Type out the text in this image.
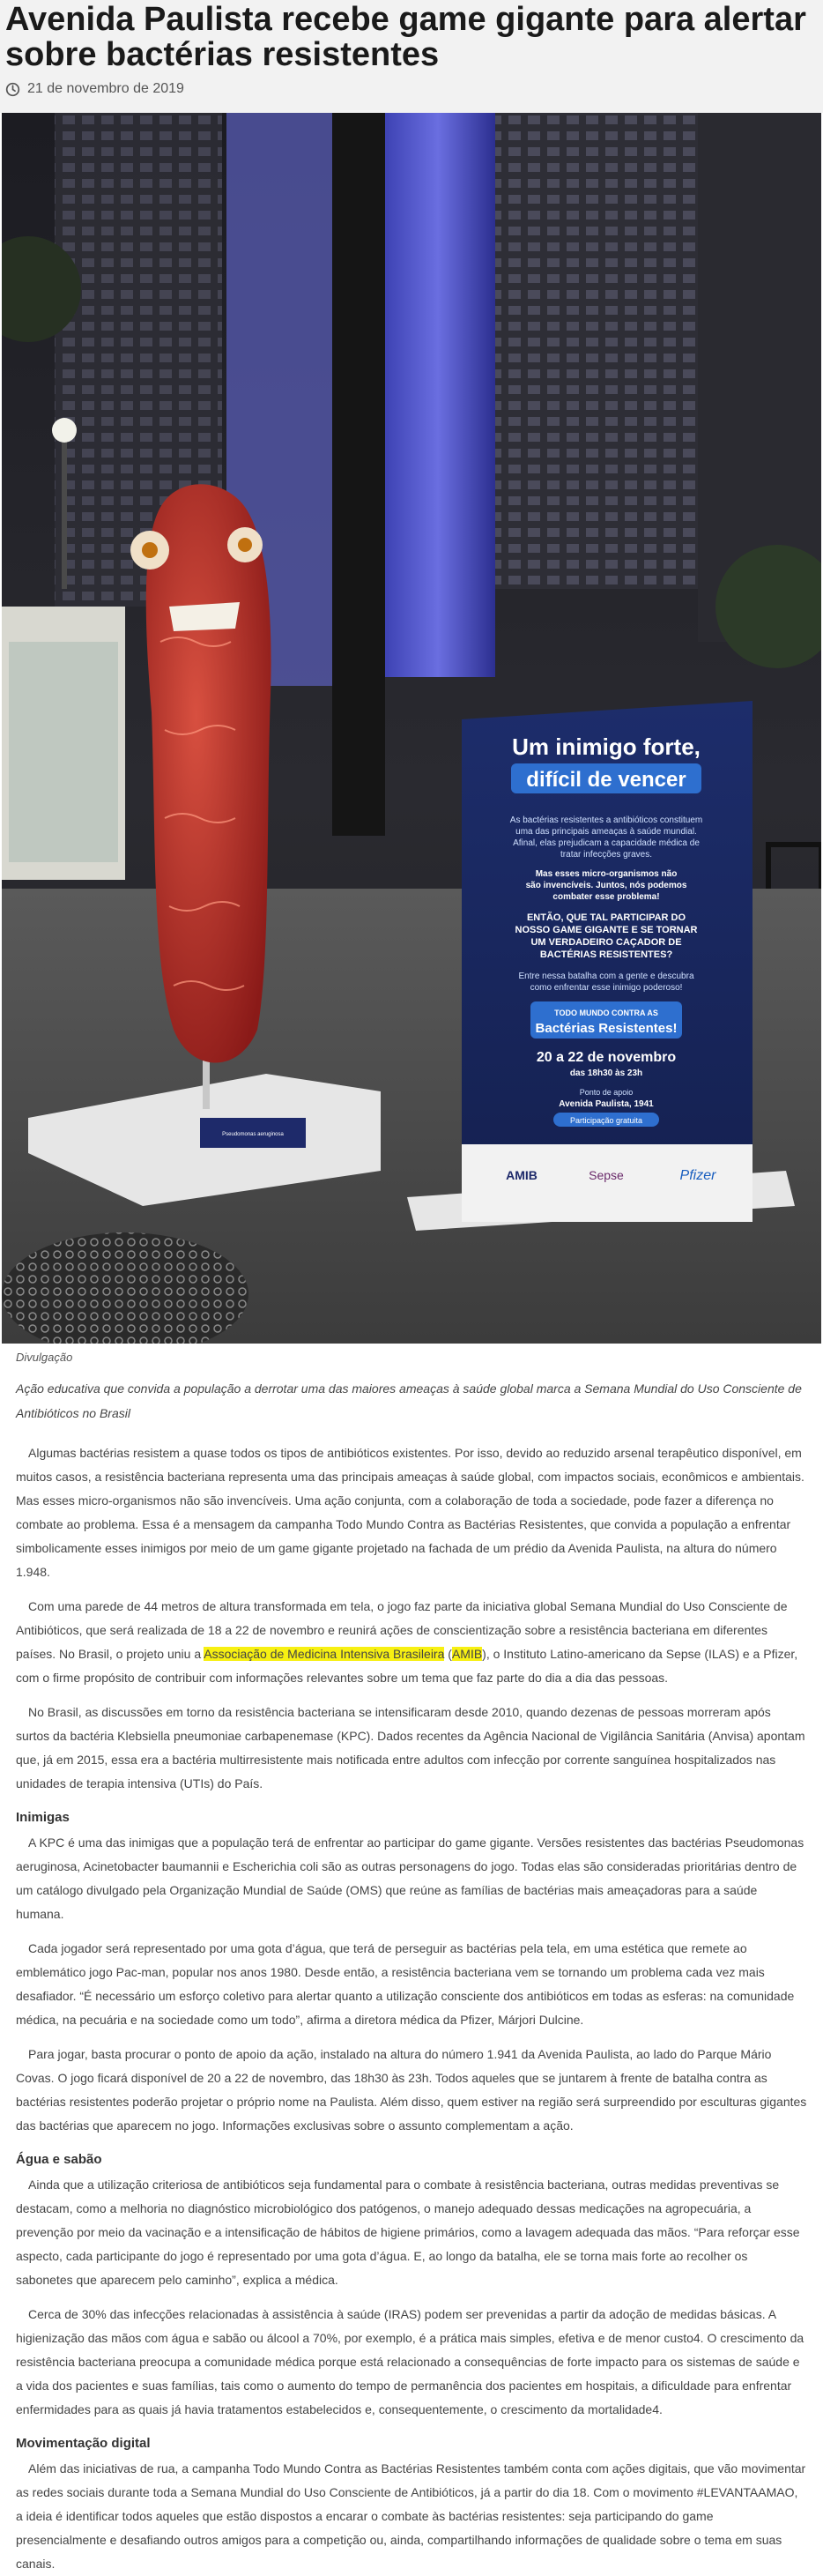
Avenida Paulista recebe game gigante para alertar sobre bactérias resistentes
21 de novembro de 2019
Um inimigo forte,
difícil de vencer
As bactérias resistentes a antibióticos constituem
uma das principais ameaças à saúde mundial.
Afinal, elas prejudicam a capacidade médica de
tratar infecções graves.
Mas esses micro-organismos não
são invencíveis. Juntos, nós podemos
combater esse problema!
ENTÃO, QUE TAL PARTICIPAR DO
NOSSO GAME GIGANTE E SE TORNAR
UM VERDADEIRO CAÇADOR DE
BACTÉRIAS RESISTENTES?
Entre nessa batalha com a gente e descubra
como enfrentar esse inimigo poderoso!
TODO MUNDO CONTRA AS
Bactérias Resistentes!
20 a 22 de novembro
das 18h30 às 23h
Ponto de apoio
Avenida Paulista, 1941
Participação gratuita
AMIB	Sepse	Pfizer
Pseudomonas aeruginosa
Divulgação
Ação educativa que convida a população a derrotar uma das maiores ameaças à saúde global marca a Semana Mundial do Uso Consciente de Antibióticos no Brasil

Algumas bactérias resistem a quase todos os tipos de antibióticos existentes. Por isso, devido ao reduzido arsenal terapêutico disponível, em muitos casos, a resistência bacteriana representa uma das principais ameaças à saúde global, com impactos sociais, econômicos e ambientais. Mas esses micro-organismos não são invencíveis. Uma ação conjunta, com a colaboração de toda a sociedade, pode fazer a diferença no combate ao problema. Essa é a mensagem da campanha Todo Mundo Contra as Bactérias Resistentes, que convida a população a enfrentar simbolicamente esses inimigos por meio de um game gigante projetado na fachada de um prédio da Avenida Paulista, na altura do número 1.948.

Com uma parede de 44 metros de altura transformada em tela, o jogo faz parte da iniciativa global Semana Mundial do Uso Consciente de Antibióticos, que será realizada de 18 a 22 de novembro e reunirá ações de conscientização sobre a resistência bacteriana em diferentes países. No Brasil, o projeto uniu a Associação de Medicina Intensiva Brasileira (AMIB), o Instituto Latino-americano da Sepse (ILAS) e a Pfizer, com o firme propósito de contribuir com informações relevantes sobre um tema que faz parte do dia a dia das pessoas.

No Brasil, as discussões em torno da resistência bacteriana se intensificaram desde 2010, quando dezenas de pessoas morreram após surtos da bactéria Klebsiella pneumoniae carbapenemase (KPC). Dados recentes da Agência Nacional de Vigilância Sanitária (Anvisa) apontam que, já em 2015, essa era a bactéria multirresistente mais notificada entre adultos com infecção por corrente sanguínea hospitalizados nas unidades de terapia intensiva (UTIs) do País.

Inimigas

A KPC é uma das inimigas que a população terá de enfrentar ao participar do game gigante. Versões resistentes das bactérias Pseudomonas aeruginosa, Acinetobacter baumannii e Escherichia coli são as outras personagens do jogo. Todas elas são consideradas prioritárias dentro de um catálogo divulgado pela Organização Mundial de Saúde (OMS) que reúne as famílias de bactérias mais ameaçadoras para a saúde humana.

Cada jogador será representado por uma gota d’água, que terá de perseguir as bactérias pela tela, em uma estética que remete ao emblemático jogo Pac-man, popular nos anos 1980. Desde então, a resistência bacteriana vem se tornando um problema cada vez mais desafiador. “É necessário um esforço coletivo para alertar quanto a utilização consciente dos antibióticos em todas as esferas: na comunidade médica, na pecuária e na sociedade como um todo”, afirma a diretora médica da Pfizer, Márjori Dulcine.

Para jogar, basta procurar o ponto de apoio da ação, instalado na altura do número 1.941 da Avenida Paulista, ao lado do Parque Mário Covas. O jogo ficará disponível de 20 a 22 de novembro, das 18h30 às 23h. Todos aqueles que se juntarem à frente de batalha contra as bactérias resistentes poderão projetar o próprio nome na Paulista. Além disso, quem estiver na região será surpreendido por esculturas gigantes das bactérias que aparecem no jogo. Informações exclusivas sobre o assunto complementam a ação.

Água e sabão

Ainda que a utilização criteriosa de antibióticos seja fundamental para o combate à resistência bacteriana, outras medidas preventivas se destacam, como a melhoria no diagnóstico microbiológico dos patógenos, o manejo adequado dessas medicações na agropecuária, a prevenção por meio da vacinação e a intensificação de hábitos de higiene primários, como a lavagem adequada das mãos. “Para reforçar esse aspecto, cada participante do jogo é representado por uma gota d’água. E, ao longo da batalha, ele se torna mais forte ao recolher os sabonetes que aparecem pelo caminho”, explica a médica.

Cerca de 30% das infecções relacionadas à assistência à saúde (IRAS) podem ser prevenidas a partir da adoção de medidas básicas. A higienização das mãos com água e sabão ou álcool a 70%, por exemplo, é a prática mais simples, efetiva e de menor custo4. O crescimento da resistência bacteriana preocupa a comunidade médica porque está relacionado a consequências de forte impacto para os sistemas de saúde e a vida dos pacientes e suas famílias, tais como o aumento do tempo de permanência dos pacientes em hospitais, a dificuldade para enfrentar enfermidades para as quais já havia tratamentos estabelecidos e, consequentemente, o crescimento da mortalidade4.

Movimentação digital

Além das iniciativas de rua, a campanha Todo Mundo Contra as Bactérias Resistentes também conta com ações digitais, que vão movimentar as redes sociais durante toda a Semana Mundial do Uso Consciente de Antibióticos, já a partir do dia 18. Com o movimento #LEVANTAAMAO, a ideia é identificar todos aqueles que estão dispostos a encarar o combate às bactérias resistentes: seja participando do game presencialmente e desafiando outros amigos para a competição ou, ainda, compartilhando informações de qualidade sobre o tema em suas canais.
